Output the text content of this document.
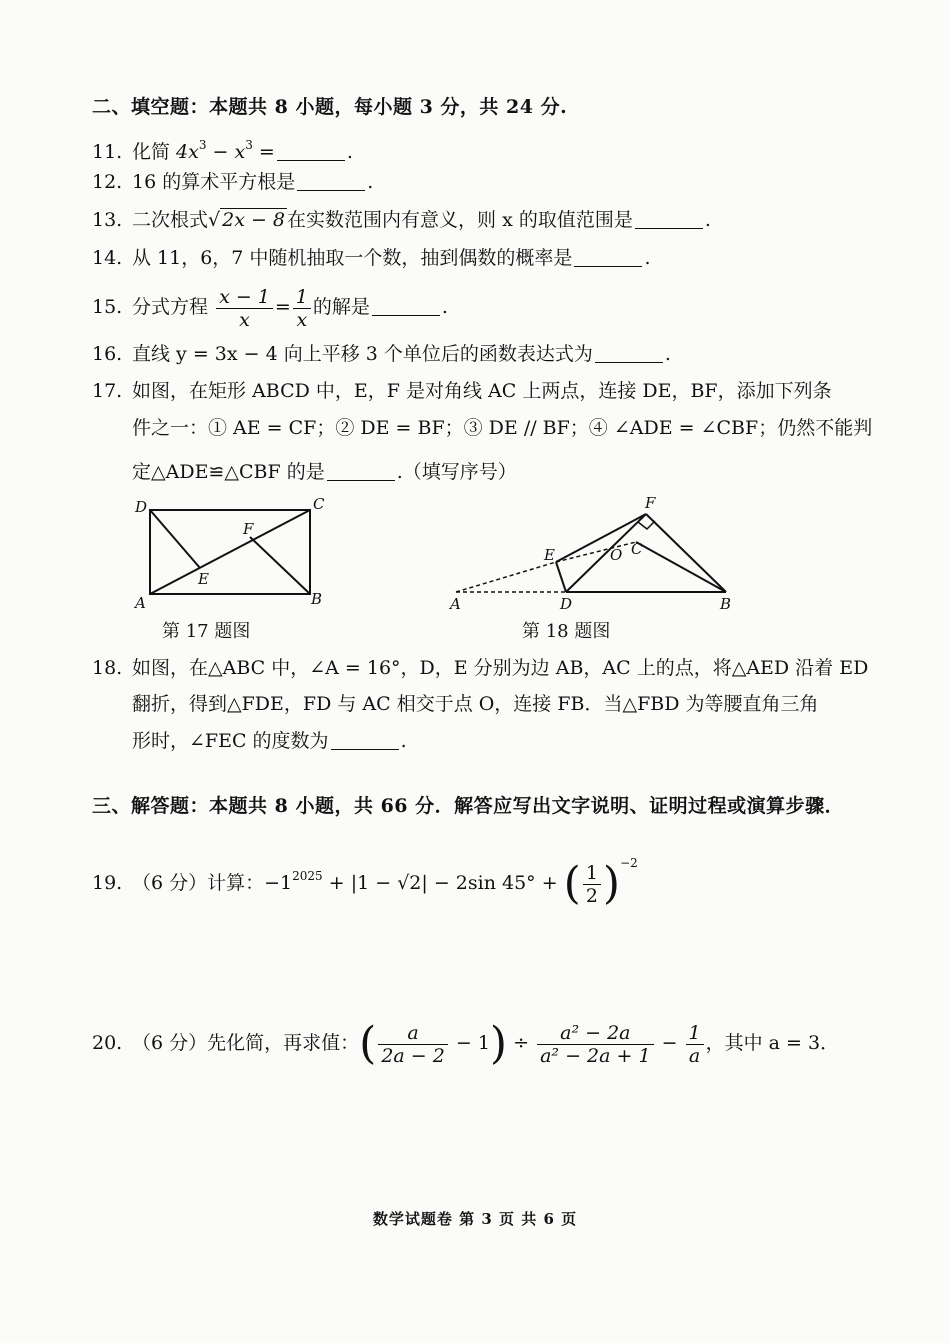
二、填空题：本题共 8 小题，每小题 3 分，共 24 分.
11. 化简 $4x^3 - x^3$ =	.
12. 16 的算术平方根是	.
13. 二次根式√ 2x − 8 在实数范围内有意义，则 x 的取值范围是	.
14. 从 11，6，7 中随机抽取一个数，抽到偶数的概率是	.
15. 分式方程 $\frac{x - 1}{x} = \frac{1}{x}$ 的解是	.
16. 直线 y = 3x − 4 向上平移 3 个单位后的函数表达式为	.
17. 如图，在矩形 ABCD 中，E，F 是对角线 AC 上两点，连接 DE，BF，添加下列条
件之一：① AE = CF；② DE = BF；③ DE // BF；④ ∠ADE = ∠CBF；仍然不能判
定△ADE≌△CBF 的是	.（填写序号）
D	C
A	B
E
F
第 17 题图
A	D	B
E
F
O C
第 18 题图
18. 如图，在△ABC 中，∠A = 16°，D，E 分别为边 AB，AC 上的点，将△AED 沿着 ED
翻折，得到△FDE，FD 与 AC 相交于点 O，连接 FB．当△FBD 为等腰直角三角
形时，∠FEC 的度数为	.
三、解答题：本题共 8 小题，共 66 分．解答应写出文字说明、证明过程或演算步骤．
19. （6 分）计算：$-1^{2025} + |1 - √2| - 2\sin$ 45° + ( $\frac{1}{2} )^{-2}$
20. （6 分）先化简，再求值：( $\frac{a}{2a - 2} - 1) \div \frac{\text{a² − 2a}}{\text{a² − 2a + 1}} - \frac{1}{a}$ ，其中 a = 3．
数学试题卷 第 3 页 共 6 页
